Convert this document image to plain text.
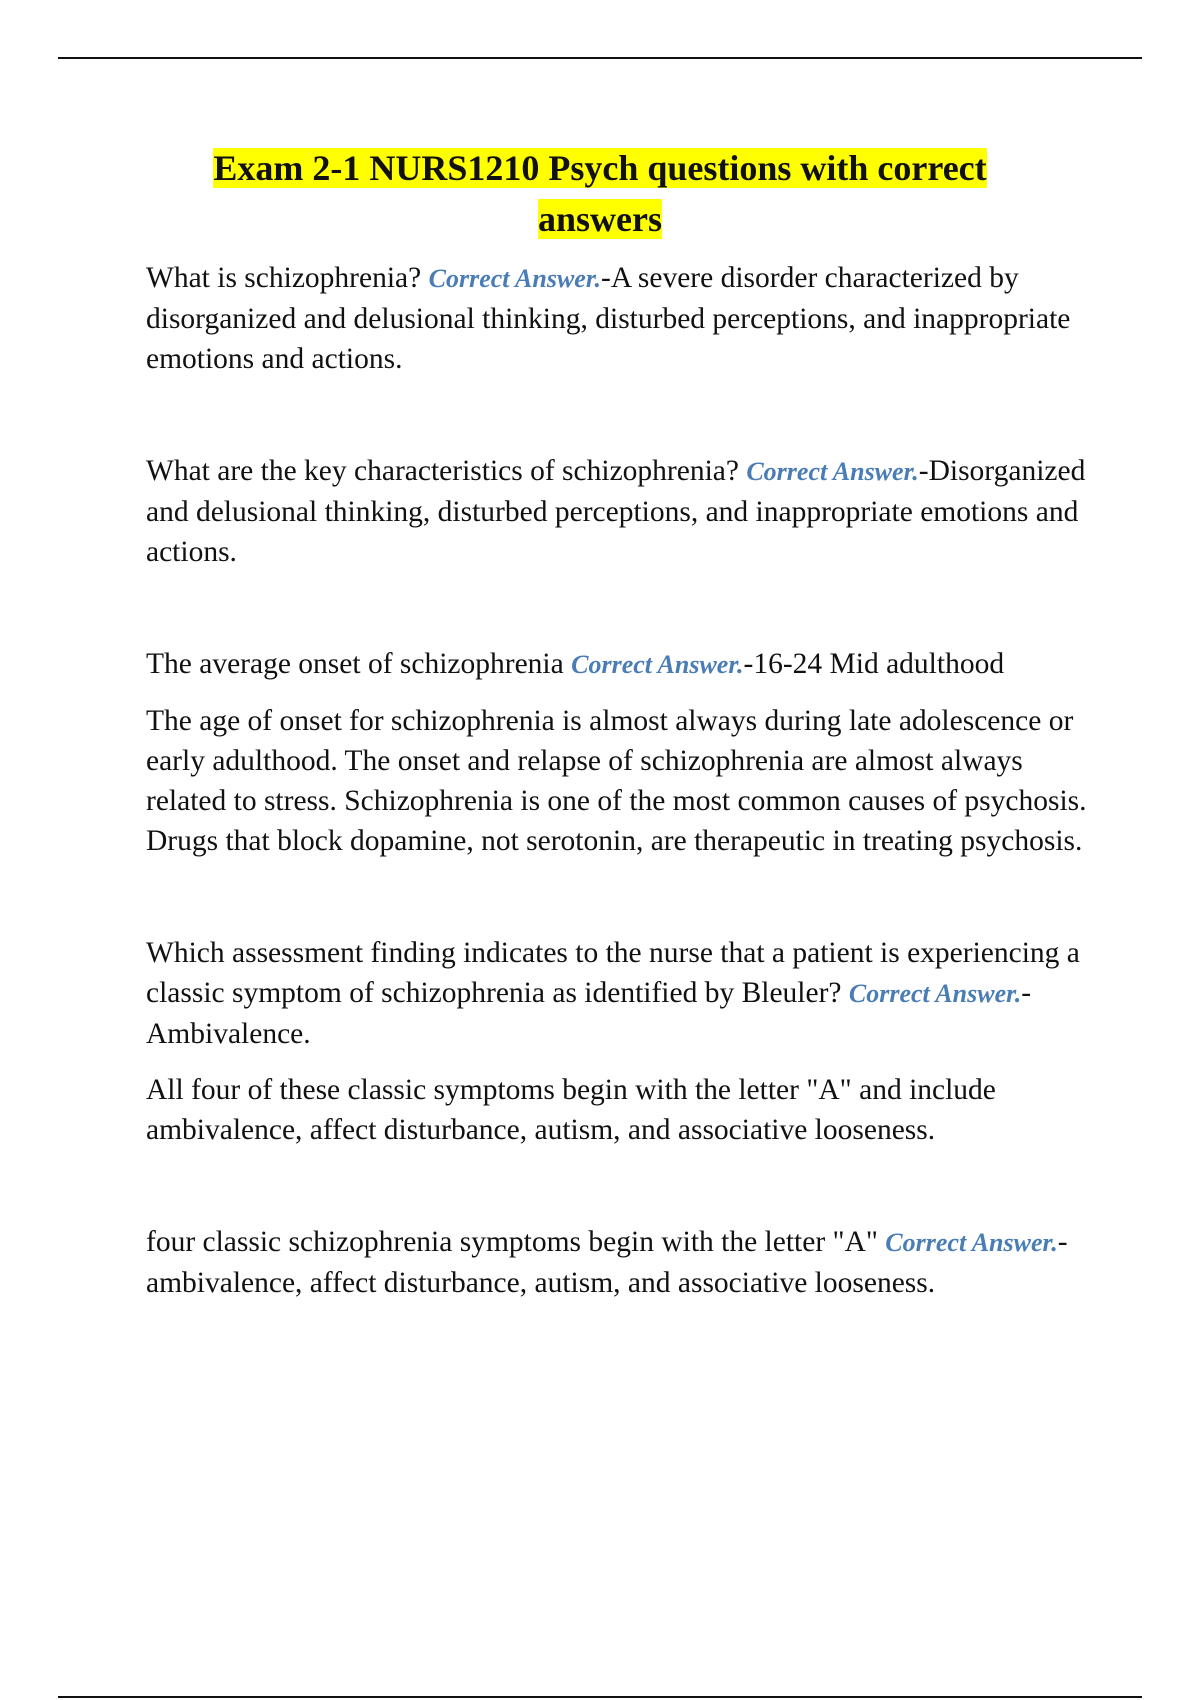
Exam 2-1 NURS1210 Psych questions with correct answers

What is schizophrenia? Correct Answer.-A severe disorder characterized by disorganized and delusional thinking, disturbed perceptions, and inappropriate emotions and actions.

What are the key characteristics of schizophrenia? Correct Answer.-Disorganized and delusional thinking, disturbed perceptions, and inappropriate emotions and actions.

The average onset of schizophrenia Correct Answer.-16-24 Mid adulthood

The age of onset for schizophrenia is almost always during late adolescence or early adulthood. The onset and relapse of schizophrenia are almost always related to stress. Schizophrenia is one of the most common causes of psychosis. Drugs that block dopamine, not serotonin, are therapeutic in treating psychosis.

Which assessment finding indicates to the nurse that a patient is experiencing a classic symptom of schizophrenia as identified by Bleuler? Correct Answer.-Ambivalence.

All four of these classic symptoms begin with the letter "A" and include ambivalence, affect disturbance, autism, and associative looseness.

four classic schizophrenia symptoms begin with the letter "A" Correct Answer.-ambivalence, affect disturbance, autism, and associative looseness.
